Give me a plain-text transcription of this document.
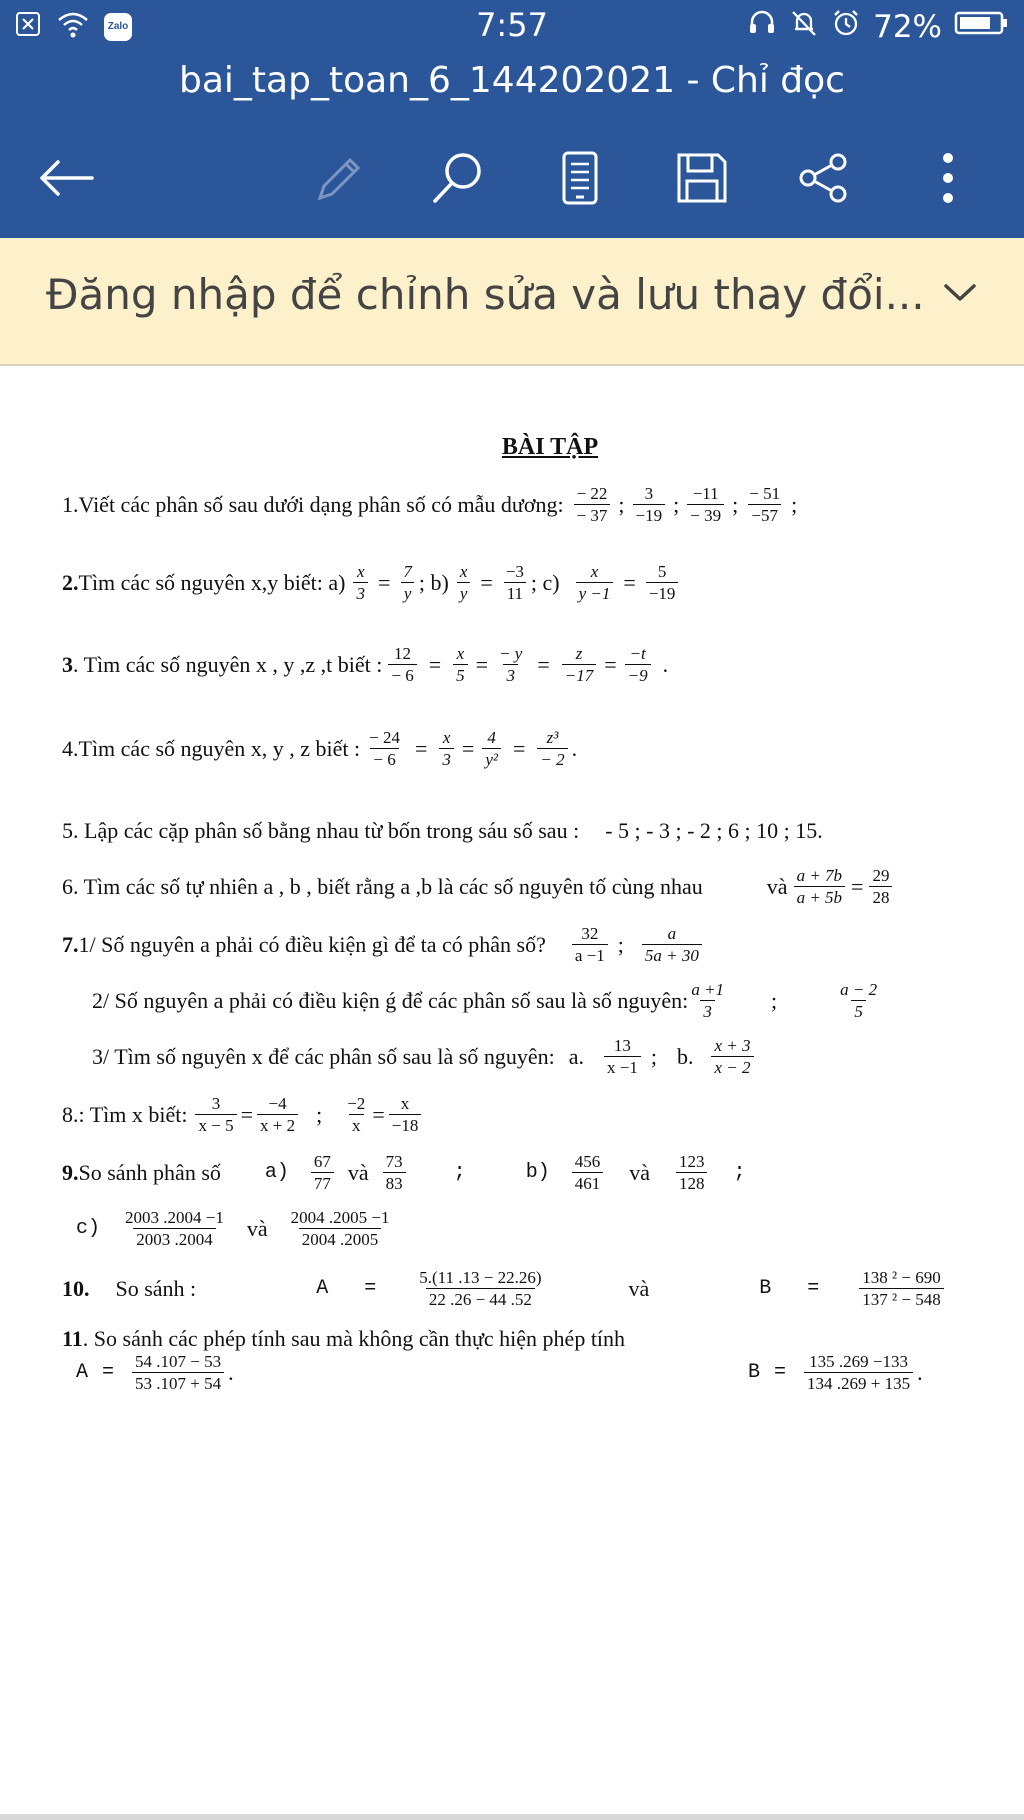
Zalo	7:57	72%
bai_tap_toan_6_144202021 - Chỉ đọc
Đăng nhập để chỉnh sửa và lưu thay đổi...
BÀI TẬP
1.Viết các phân số sau dưới dạng phân số có mẫu dương: − 22
− 37 ; 3
−19 ; −11
− 39 ; − 51
−57 ;
2. Tìm các số nguyên x,y biết: $a) \frac{x}{3} = \frac{7}{y}$ ; $b) \frac{x}{y} = \frac{-3}{11}$ ; $c) \frac{x}{y -1} = \frac{5}{-19}$
3 . Tìm các số nguyên x , y ,z ,t biết : $\frac{12}{- 6} = \frac{x}{5} = \frac{- y}{3} = \frac{z}{-17} = \frac{-t}{-9}$ .
4.Tìm các số nguyên x, y , z biết : $\frac{- 24}{- 6} = \frac{x}{3} = \frac{4}{\text{y²}} = \frac{\text{z³}}{- 2}$ .
5. Lập các cặp phân số bằng nhau từ bốn trong sáu số sau : - 5 ; - 3 ; - 2 ; 6 ; 10 ; 15.
6. Tìm các số tự nhiên a , b , biết rằng a ,b là các số nguyên tố cùng nhau	và $\frac{a + 7b}{a + 5b} = \frac{29}{28}$
7. 1/ Số nguyên a phải có điều kiện gì để ta có phân số? 32
a −1 ;	a
5a + 30
2/ Số nguyên a phải có điều kiện ǵ để các phân số sau là số nguyên: a +1
3	;	a − 2
5
3/ Tìm số nguyên x để các phân số sau là số nguyên: a. 13
x −1 ; b. x + 3
x − 2
8.: Tìm x biết: $\frac{3}{x - 5} = \frac{-4}{x + 2}$ ; $\frac{-2}{x} = \frac{x}{-18}$
9. So sánh phân số a) 67
77 và 73
83	;	b) 456
461 và 123
128 ;
c) 2003 .2004 −1
2003 .2004 và 2004 .2005 −1
2004 .2005
10. So sánh :	$A = \frac{5.(11 .13 - 22.26)}{22 .26 - 44 .52}$	và	$B = \frac{\text{138 ² − 690}}{\text{137 ² − 548}}$
11 . So sánh các phép tính sau mà không cần thực hiện phép tính
$A = \frac{54 .107 - 53}{53 .107 + 54}$ .	$B = \frac{135 .269 -133}{134 .269 + 135}$ .
